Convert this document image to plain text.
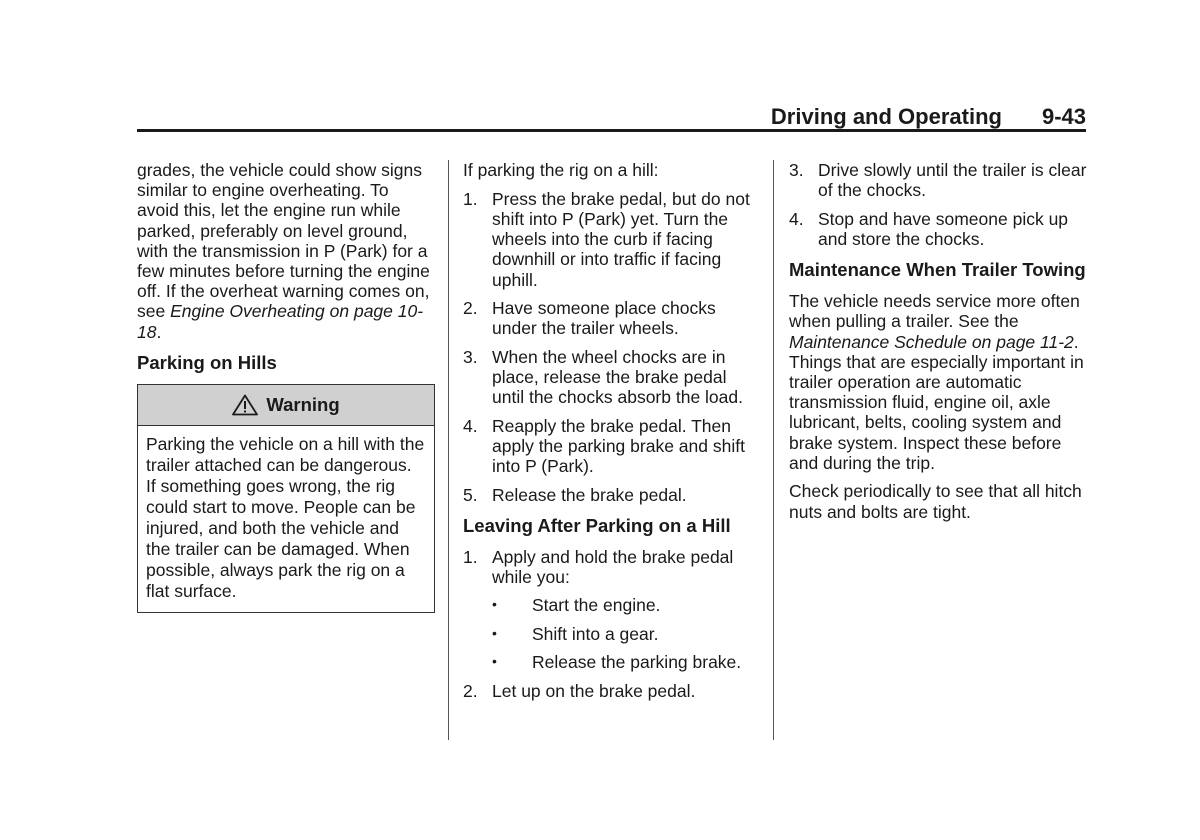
Driving and Operating 9-43

grades, the vehicle could show signs similar to engine overheating. To avoid this, let the engine run while parked, preferably on level ground, with the transmission in P (Park) for a few minutes before turning the engine off. If the overheat warning comes on, see Engine Overheating on page 10-18.

Parking on Hills
Warning
Parking the vehicle on a hill with the trailer attached can be dangerous. If something goes wrong, the rig could start to move. People can be injured, and both the vehicle and the trailer can be damaged. When possible, always park the rig on a flat surface.

If parking the rig on a hill:

1. Press the brake pedal, but do not shift into P (Park) yet. Turn the wheels into the curb if facing downhill or into traffic if facing uphill.
2. Have someone place chocks under the trailer wheels.
3. When the wheel chocks are in place, release the brake pedal until the chocks absorb the load.
4. Reapply the brake pedal. Then apply the parking brake and shift into P (Park).
5. Release the brake pedal.
Leaving After Parking on a Hill
1. Apply and hold the brake pedal while you:
• Start the engine.
• Shift into a gear.
• Release the parking brake.
2. Let up on the brake pedal.
3. Drive slowly until the trailer is clear of the chocks.
4. Stop and have someone pick up and store the chocks.
Maintenance When Trailer Towing

The vehicle needs service more often when pulling a trailer. See the Maintenance Schedule on page 11-2. Things that are especially important in trailer operation are automatic transmission fluid, engine oil, axle lubricant, belts, cooling system and brake system. Inspect these before and during the trip.

Check periodically to see that all hitch nuts and bolts are tight.
